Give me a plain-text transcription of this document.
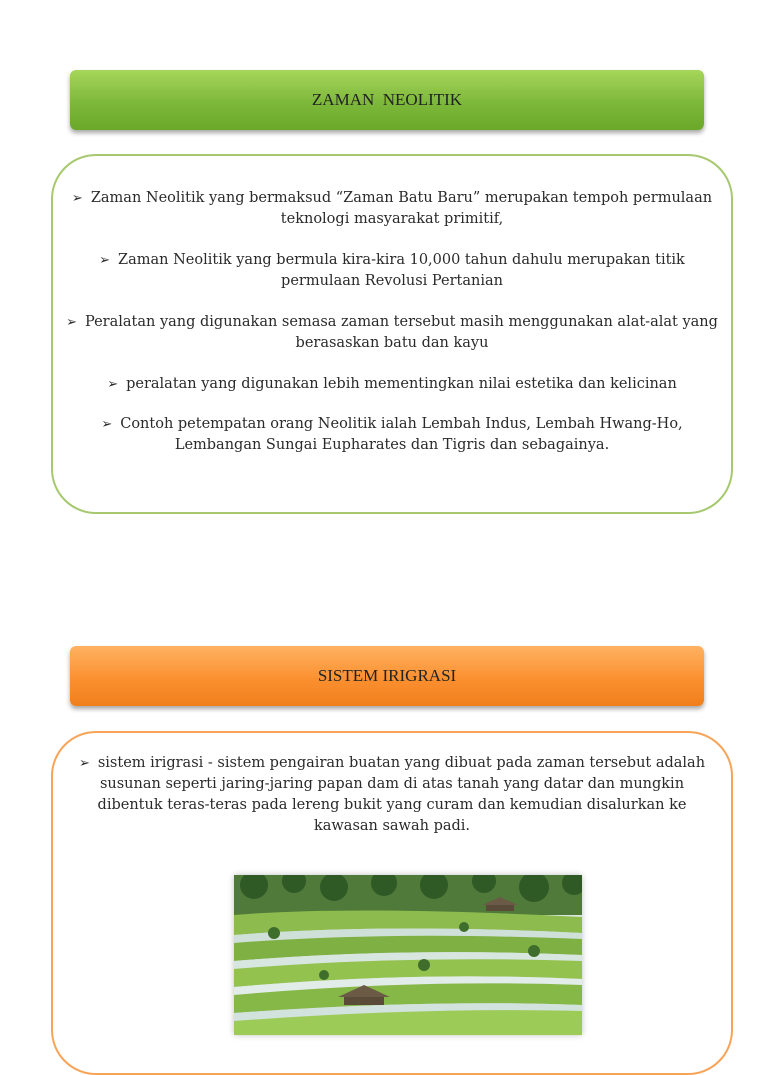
ZAMAN  NEOLITIK
➢ Zaman Neolitik yang bermaksud “Zaman Batu Baru” merupakan tempoh permulaan
teknologi masyarakat primitif,
➢ Zaman Neolitik yang bermula kira-kira 10,000 tahun dahulu merupakan titik
permulaan Revolusi Pertanian
➢ Peralatan yang digunakan semasa zaman tersebut masih menggunakan alat-alat yang
berasaskan batu dan kayu
➢ peralatan yang digunakan lebih mementingkan nilai estetika dan kelicinan
➢ Contoh petempatan orang Neolitik ialah Lembah Indus, Lembah Hwang-Ho,
Lembangan Sungai Eupharates dan Tigris dan sebagainya.
SISTEM IRIGRASI
➢ sistem irigrasi - sistem pengairan buatan yang dibuat pada zaman tersebut adalah
susunan seperti jaring-jaring papan dam di atas tanah yang datar dan mungkin
dibentuk teras-teras pada lereng bukit yang curam dan kemudian disalurkan ke
kawasan sawah padi.
